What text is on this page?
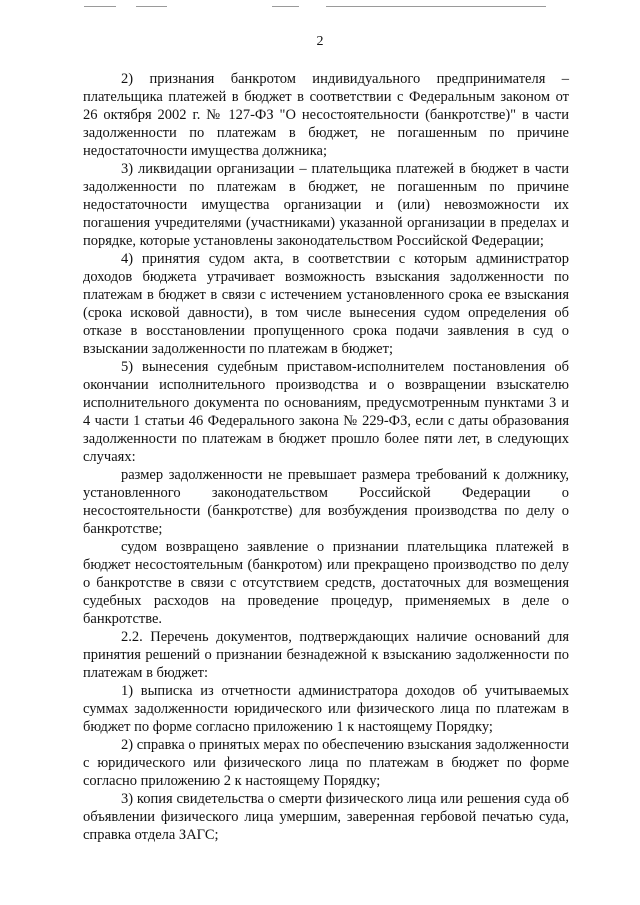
2

2) признания банкротом индивидуального предпринимателя – плательщика платежей в бюджет в соответствии с Федеральным законом от 26 октября 2002 г. № 127-ФЗ "О несостоятельности (банкротстве)" в части задолженности по платежам в бюджет, не погашенным по причине недостаточности имущества должника;

3) ликвидации организации – плательщика платежей в бюджет в части задолженности по платежам в бюджет, не погашенным по причине недостаточности имущества организации и (или) невозможности их погашения учредителями (участниками) указанной организации в пределах и порядке, которые установлены законодательством Российской Федерации;

4) принятия судом акта, в соответствии с которым администратор доходов бюджета утрачивает возможность взыскания задолженности по платежам в бюджет в связи с истечением установленного срока ее взыскания (срока исковой давности), в том числе вынесения судом определения об отказе в восстановлении пропущенного срока подачи заявления в суд о взыскании задолженности по платежам в бюджет;

5) вынесения судебным приставом-исполнителем постановления об окончании исполнительного производства и о возвращении взыскателю исполнительного документа по основаниям, предусмотренным пунктами 3 и 4 части 1 статьи 46 Федерального закона № 229-ФЗ, если с даты образования задолженности по платежам в бюджет прошло более пяти лет, в следующих случаях:

размер задолженности не превышает размера требований к должнику, установленного законодательством Российской Федерации о несостоятельности (банкротстве) для возбуждения производства по делу о банкротстве;

судом возвращено заявление о признании плательщика платежей в бюджет несостоятельным (банкротом) или прекращено производство по делу о банкротстве в связи с отсутствием средств, достаточных для возмещения судебных расходов на проведение процедур, применяемых в деле о банкротстве.

2.2. Перечень документов, подтверждающих наличие оснований для принятия решений о признании безнадежной к взысканию задолженности по платежам в бюджет:

1) выписка из отчетности администратора доходов об учитываемых суммах задолженности юридического или физического лица по платежам в бюджет по форме согласно приложению 1 к настоящему Порядку;

2) справка о принятых мерах по обеспечению взыскания задолженности с юридического или физического лица по платежам в бюджет по форме согласно приложению 2 к настоящему Порядку;

3) копия свидетельства о смерти физического лица или решения суда об объявлении физического лица умершим, заверенная гербовой печатью суда, справка отдела ЗАГС;
